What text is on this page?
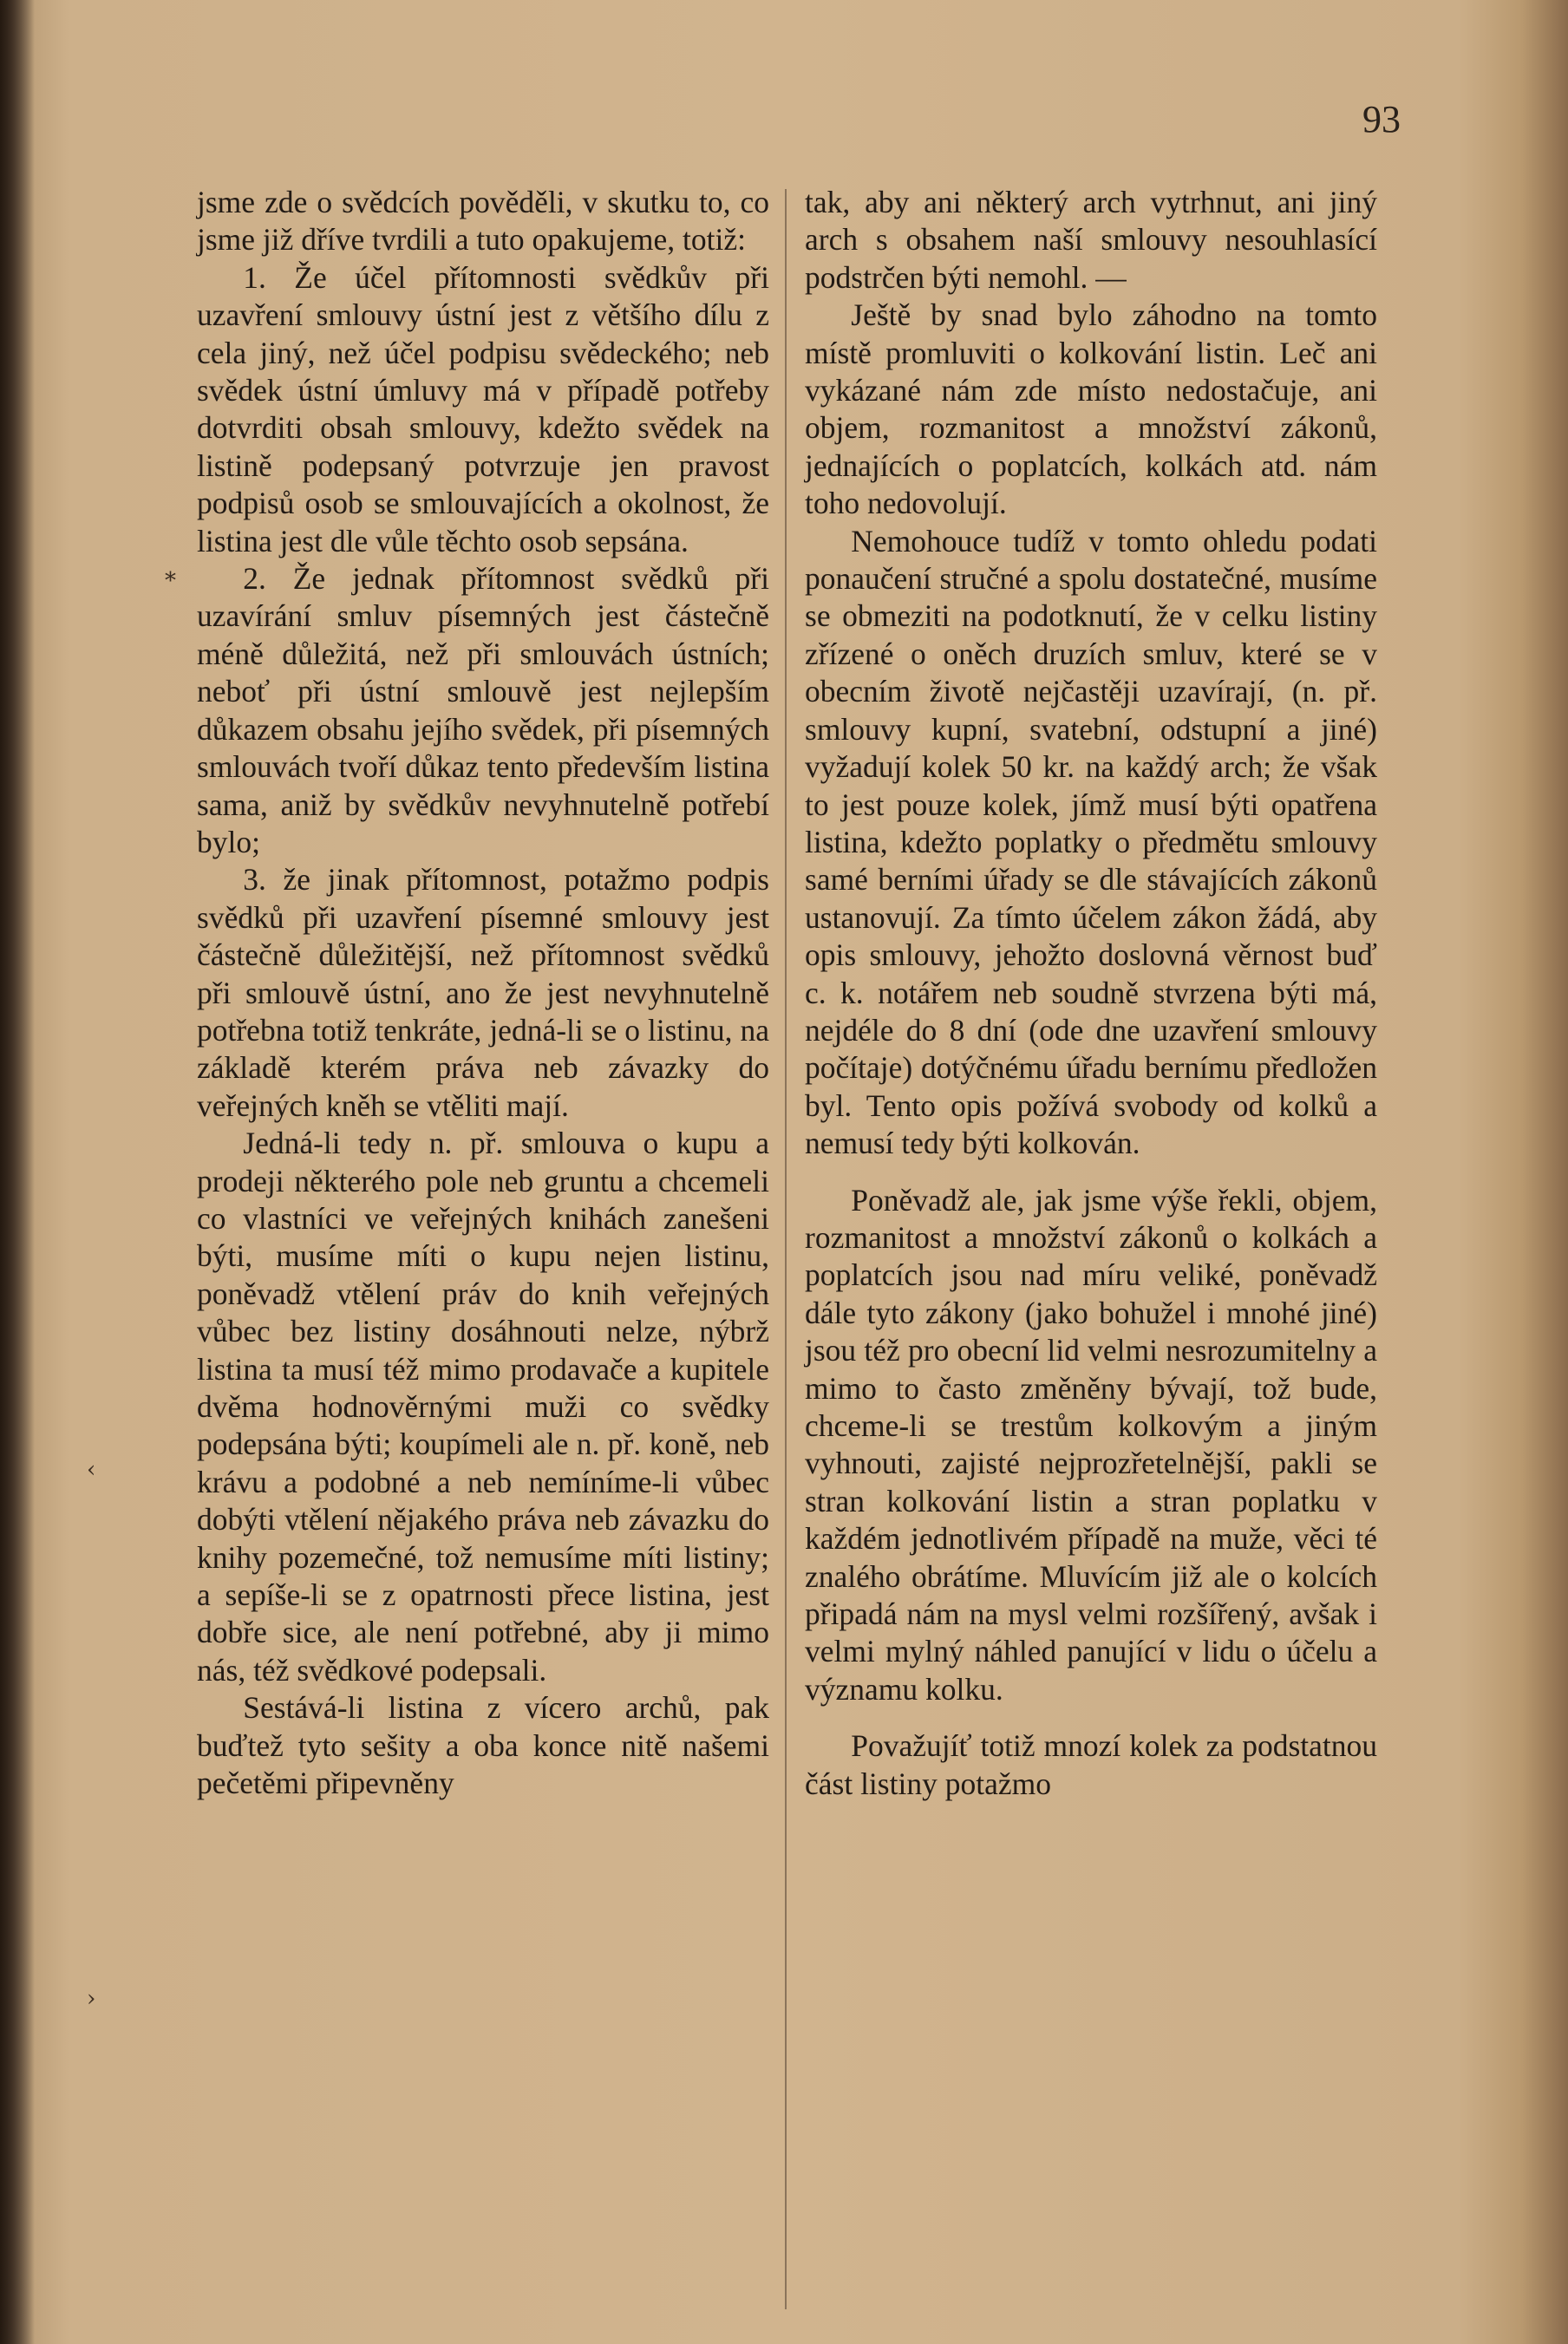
93
*
‹
›

jsme zde o svědcích pověděli, v skutku to, co jsme již dříve tvrdili a tuto opakujeme, totiž:

1. Že účel přítomnosti svědkův při uzavření smlouvy ústní jest z většího dílu z cela jiný, než účel podpisu svědeckého; neb svědek ústní úmluvy má v případě potřeby dotvrditi obsah smlouvy, kdežto svědek na listině podepsaný potvrzuje jen pravost podpisů osob se smlouvajících a okolnost, že listina jest dle vůle těchto osob sepsána.

2. Že jednak přítomnost svědků při uzavírání smluv písemných jest částečně méně důležitá, než při smlouvách ústních; neboť při ústní smlouvě jest nejlepším důkazem obsahu jejího svědek, při písemných smlouvách tvoří důkaz tento především listina sama, aniž by svědkův nevyhnutelně potřebí bylo;

3. že jinak přítomnost, potažmo podpis svědků při uzavření písemné smlouvy jest částečně důležitější, než přítomnost svědků při smlouvě ústní, ano že jest nevyhnutelně potřebna totiž tenkráte, jedná-li se o listinu, na základě kterém práva neb závazky do veřejných kněh se vtěliti mají.

Jedná-li tedy n. př. smlouva o kupu a prodeji některého pole neb gruntu a chcemeli co vlastníci ve veřejných knihách zanešeni býti, musíme míti o kupu nejen listinu, poněvadž vtělení práv do knih veřejných vůbec bez listiny dosáhnouti nelze, nýbrž listina ta musí též mimo prodavače a kupitele dvěma hodnověrnými muži co svědky podepsána býti; koupímeli ale n. př. koně, neb krávu a podobné a neb nemíníme-li vůbec dobýti vtělení nějakého práva neb závazku do knihy pozemečné, tož nemusíme míti listiny; a sepíše-li se z opatrnosti přece listina, jest dobře sice, ale není potřebné, aby ji mimo nás, též svědkové podepsali.

Sestává-li listina z vícero archů, pak buďtež tyto sešity a oba konce nitě našemi pečetěmi připevněny

tak, aby ani některý arch vytrhnut, ani jiný arch s obsahem naší smlouvy nesouhlasící podstrčen býti nemohl. —

Ještě by snad bylo záhodno na tomto místě promluviti o kolkování listin. Leč ani vykázané nám zde místo nedostačuje, ani objem, rozmanitost a množství zákonů, jednajících o poplatcích, kolkách atd. nám toho nedovolují.

Nemohouce tudíž v tomto ohledu podati ponaučení stručné a spolu dostatečné, musíme se obmeziti na podotknutí, že v celku listiny zřízené o oněch druzích smluv, které se v obecním životě nejčastěji uzavírají, (n. př. smlouvy kupní, svatební, odstupní a jiné) vyžadují kolek 50 kr. na každý arch; že však to jest pouze kolek, jímž musí býti opatřena listina, kdežto poplatky o předmětu smlouvy samé berními úřady se dle stávajících zákonů ustanovují. Za tímto účelem zákon žádá, aby opis smlouvy, jehožto doslovná věrnost buď c. k. notářem neb soudně stvrzena býti má, nejdéle do 8 dní (ode dne uzavření smlouvy počítaje) dotýčnému úřadu bernímu předložen byl. Tento opis požívá svobody od kolků a nemusí tedy býti kolkován.

Poněvadž ale, jak jsme výše řekli, objem, rozmanitost a množství zákonů o kolkách a poplatcích jsou nad míru veliké, poněvadž dále tyto zákony (jako bohužel i mnohé jiné) jsou též pro obecní lid velmi nesrozumitelny a mimo to často změněny bývají, tož bude, chceme-li se trestům kolkovým a jiným vyhnouti, zajisté nejprozřetelnější, pakli se stran kolkování listin a stran poplatku v každém jednotlivém případě na muže, věci té znalého obrátíme. Mluvícím již ale o kolcích připadá nám na mysl velmi rozšířený, avšak i velmi mylný náhled panující v lidu o účelu a významu kolku.

Považujíť totiž mnozí kolek za podstatnou část listiny potažmo
